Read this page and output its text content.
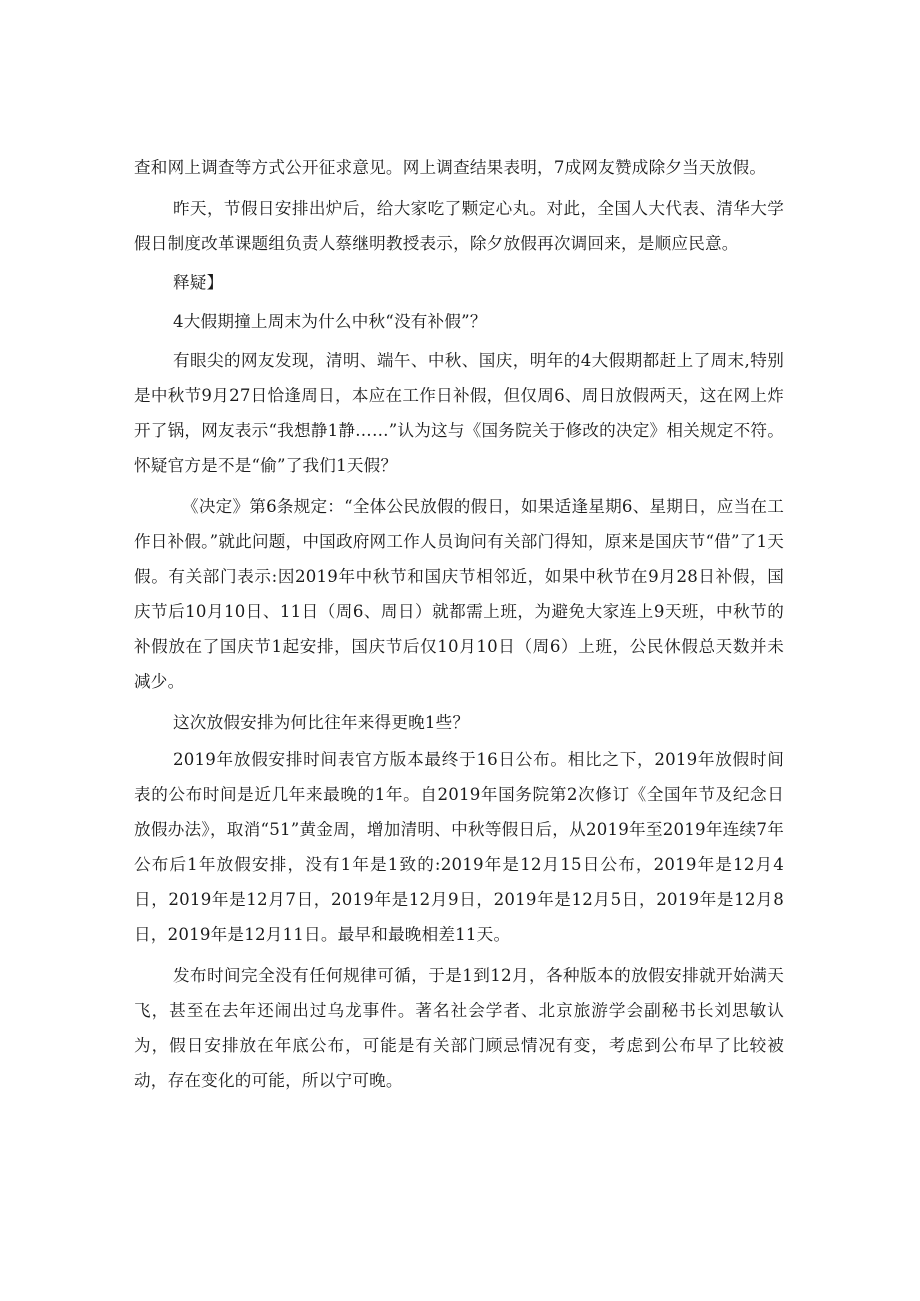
查和网上调查等方式公开征求意见。网上调查结果表明，7成网友赞成除夕当天放假。

昨天，节假日安排出炉后，给大家吃了颗定心丸。对此，全国人大代表、清华大学假日制度改革课题组负责人蔡继明教授表示，除夕放假再次调回来，是顺应民意。

释疑】

4大假期撞上周末为什么中秋“没有补假”？

有眼尖的网友发现，清明、端午、中秋、国庆，明年的4大假期都赶上了周末,特别是中秋节9月27日恰逢周日，本应在工作日补假，但仅周6、周日放假两天，这在网上炸开了锅，网友表示“我想静1静……”认为这与《国务院关于修改的决定》相关规定不符。怀疑官方是不是“偷”了我们1天假？

《决定》第6条规定：“全体公民放假的假日，如果适逢星期6、星期日，应当在工作日补假。”就此问题，中国政府网工作人员询问有关部门得知，原来是国庆节“借”了1天假。有关部门表示:因2019年中秋节和国庆节相邻近，如果中秋节在9月28日补假，国庆节后10月10日、11日（周6、周日）就都需上班，为避免大家连上9天班，中秋节的补假放在了国庆节1起安排，国庆节后仅10月10日（周6）上班，公民休假总天数并未减少。

这次放假安排为何比往年来得更晚1些？

2019年放假安排时间表官方版本最终于16日公布。相比之下，2019年放假时间表的公布时间是近几年来最晚的1年。自2019年国务院第2次修订《全国年节及纪念日放假办法》，取消“51”黄金周，增加清明、中秋等假日后，从2019年至2019年连续7年公布后1年放假安排，没有1年是1致的:2019年是12月15日公布，2019年是12月4日，2019年是12月7日，2019年是12月9日，2019年是12月5日，2019年是12月8日，2019年是12月11日。最早和最晚相差11天。

发布时间完全没有任何规律可循，于是1到12月，各种版本的放假安排就开始满天飞，甚至在去年还闹出过乌龙事件。著名社会学者、北京旅游学会副秘书长刘思敏认为，假日安排放在年底公布，可能是有关部门顾忌情况有变，考虑到公布早了比较被动，存在变化的可能，所以宁可晚。
